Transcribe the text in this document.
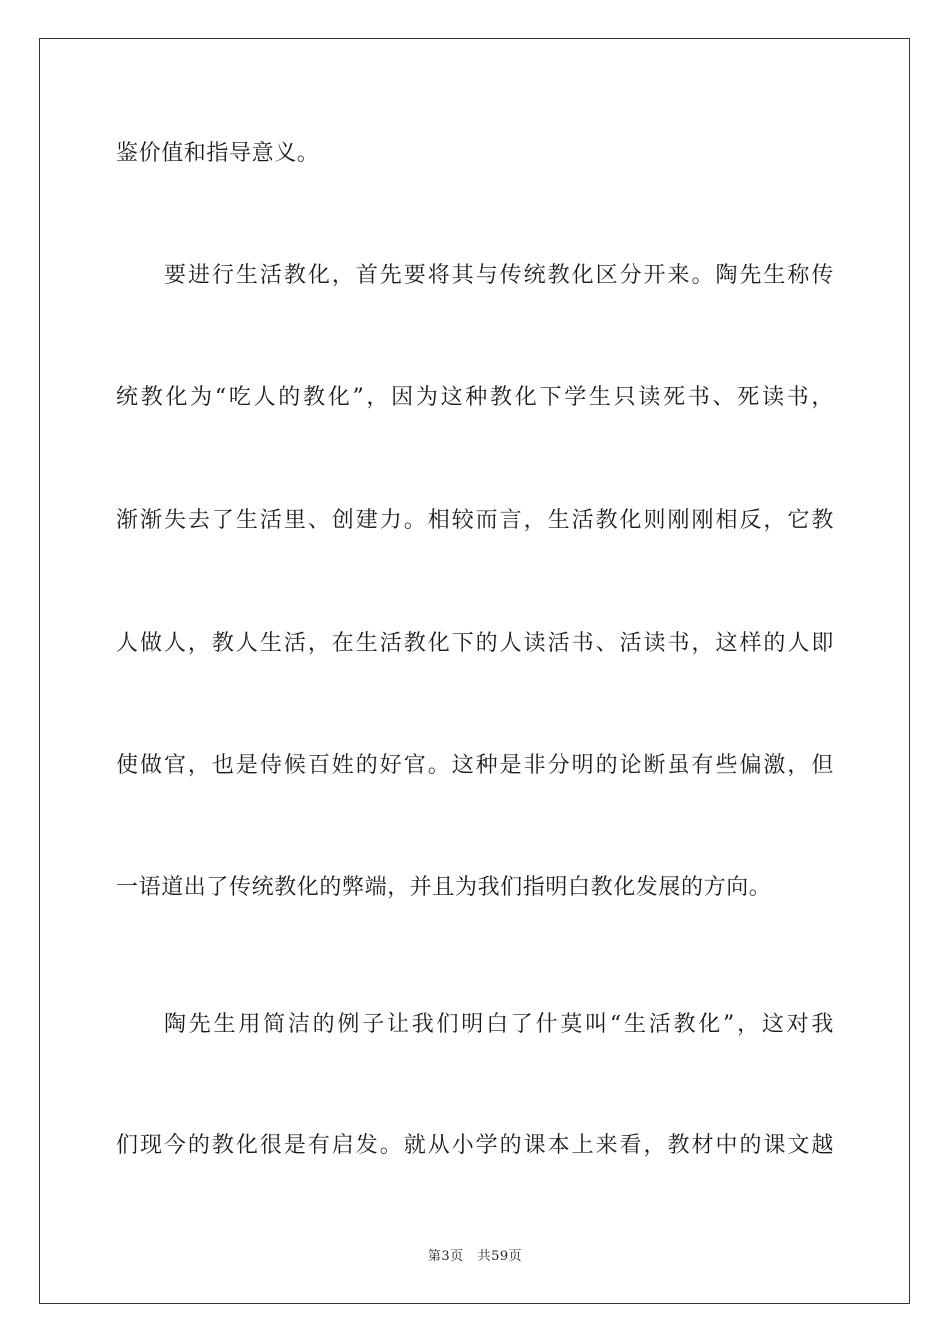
鉴价值和指导意义。
要进行生活教化，首先要将其与传统教化区分开来。陶先生称传
统教化为“吃人的教化”，因为这种教化下学生只读死书、死读书，
渐渐失去了生活里、创建力。相较而言，生活教化则刚刚相反，它教
人做人，教人生活，在生活教化下的人读活书、活读书，这样的人即
使做官，也是侍候百姓的好官。这种是非分明的论断虽有些偏激，但
一语道出了传统教化的弊端，并且为我们指明白教化发展的方向。
陶先生用简洁的例子让我们明白了什莫叫“生活教化”，这对我
们现今的教化很是有启发。就从小学的课本上来看，教材中的课文越
第3页 共59页
